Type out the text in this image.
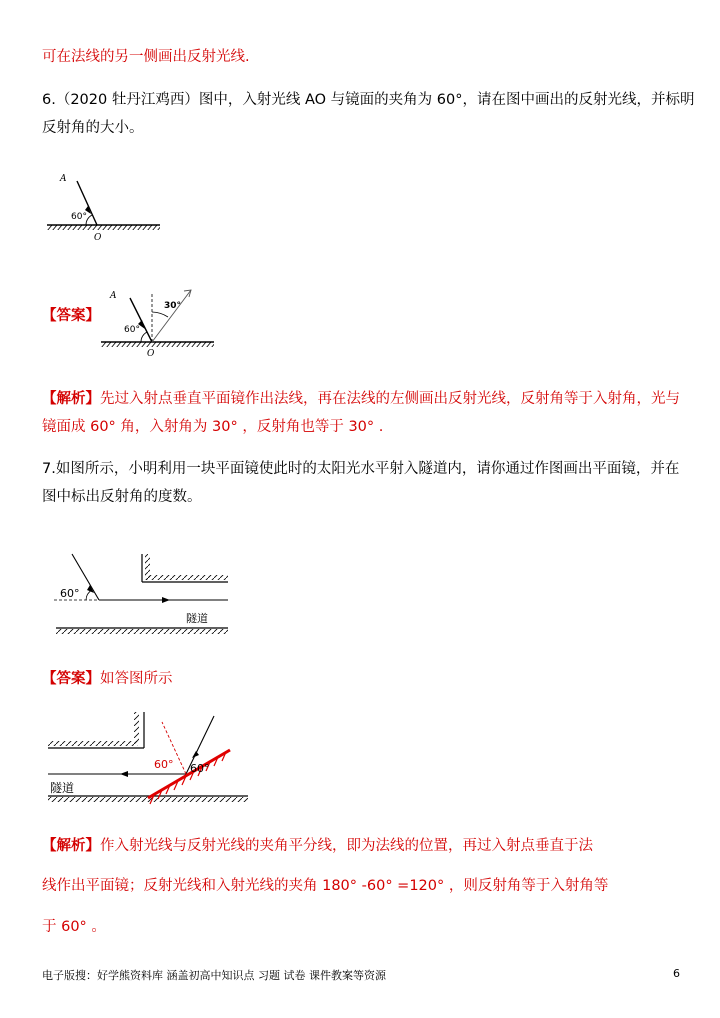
可在法线的另一侧画出反射光线.
6.（2020 牡丹江鸡西）图中，入射光线 AO 与镜面的夹角为 60°，请在图中画出的反射光线，并标明
反射角的大小。
A
O
60°
【答案】
A
O
60°
30°
【解析】先过入射点垂直平面镜作出法线，再在法线的左侧画出反射光线，反射角等于入射角，光与
镜面成 60° 角，入射角为 30° ，反射角也等于 30° .
7.如图所示，小明利用一块平面镜使此时的太阳光水平射入隧道内，请你通过作图画出平面镜，并在
图中标出反射角的度数。
60°
隧道
【答案】如答图所示
隧道
60° 60°
【解析】作入射光线与反射光线的夹角平分线，即为法线的位置，再过入射点垂直于法
线作出平面镜；反射光线和入射光线的夹角 180° -60° =120° ，则反射角等于入射角等
于 60° 。
电子版搜：好学熊资料库 涵盖初高中知识点 习题 试卷 课件教案等资源	6
